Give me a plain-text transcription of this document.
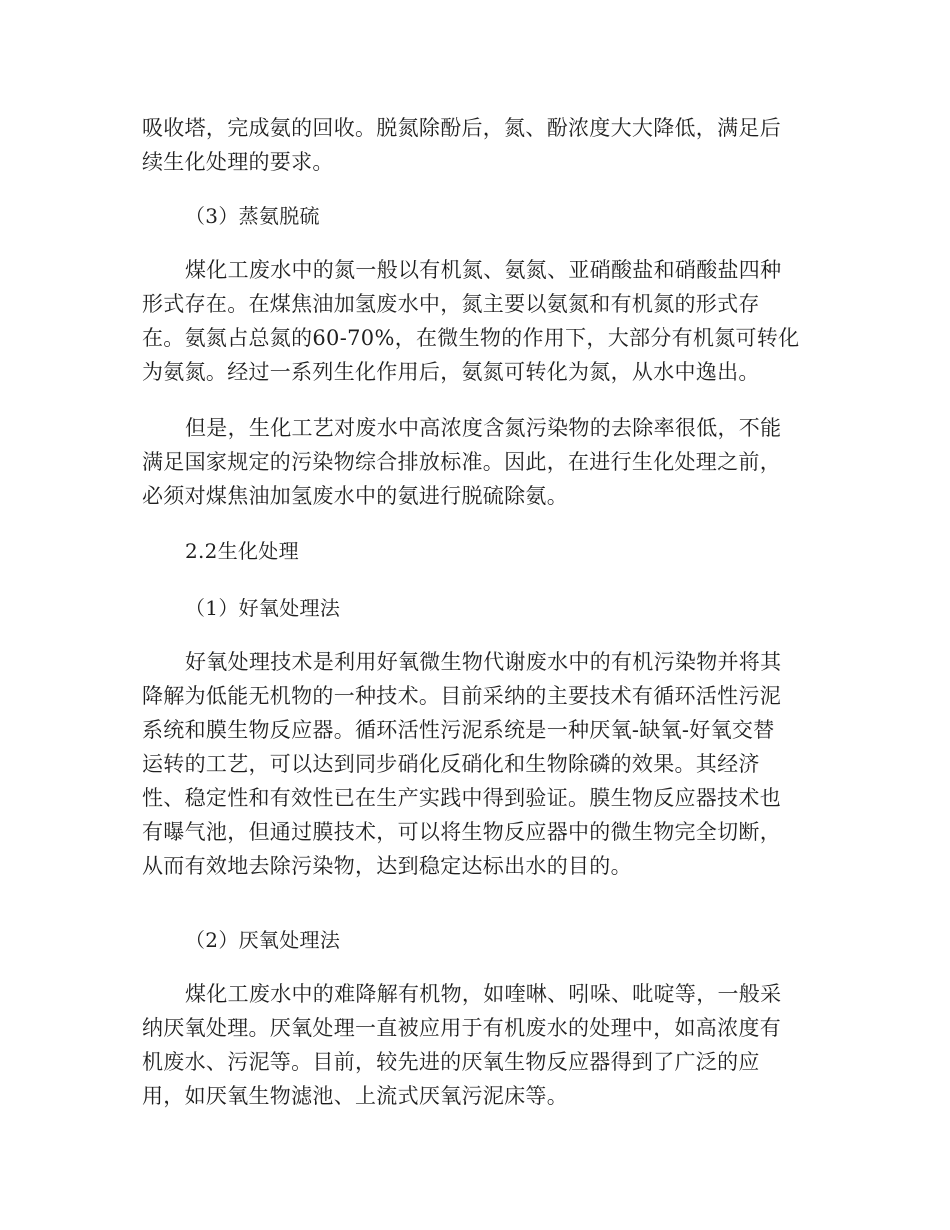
吸收塔，完成氨的回收。脱氮除酚后，氮、酚浓度大大降低，满足后
续生化处理的要求。
（3）蒸氨脱硫
煤化工废水中的氮一般以有机氮、氨氮、亚硝酸盐和硝酸盐四种
形式存在。在煤焦油加氢废水中，氮主要以氨氮和有机氮的形式存
在。氨氮占总氮的60-70%，在微生物的作用下，大部分有机氮可转化
为氨氮。经过一系列生化作用后，氨氮可转化为氮，从水中逸出。
但是，生化工艺对废水中高浓度含氮污染物的去除率很低，不能
满足国家规定的污染物综合排放标准。因此，在进行生化处理之前，
必须对煤焦油加氢废水中的氨进行脱硫除氨。
2.2生化处理
（1）好氧处理法
好氧处理技术是利用好氧微生物代谢废水中的有机污染物并将其
降解为低能无机物的一种技术。目前采纳的主要技术有循环活性污泥
系统和膜生物反应器。循环活性污泥系统是一种厌氧-缺氧-好氧交替
运转的工艺，可以达到同步硝化反硝化和生物除磷的效果。其经济
性、稳定性和有效性已在生产实践中得到验证。膜生物反应器技术也
有曝气池，但通过膜技术，可以将生物反应器中的微生物完全切断，
从而有效地去除污染物，达到稳定达标出水的目的。
（2）厌氧处理法
煤化工废水中的难降解有机物，如喹啉、吲哚、吡啶等，一般采
纳厌氧处理。厌氧处理一直被应用于有机废水的处理中，如高浓度有
机废水、污泥等。目前，较先进的厌氧生物反应器得到了广泛的应
用，如厌氧生物滤池、上流式厌氧污泥床等。
